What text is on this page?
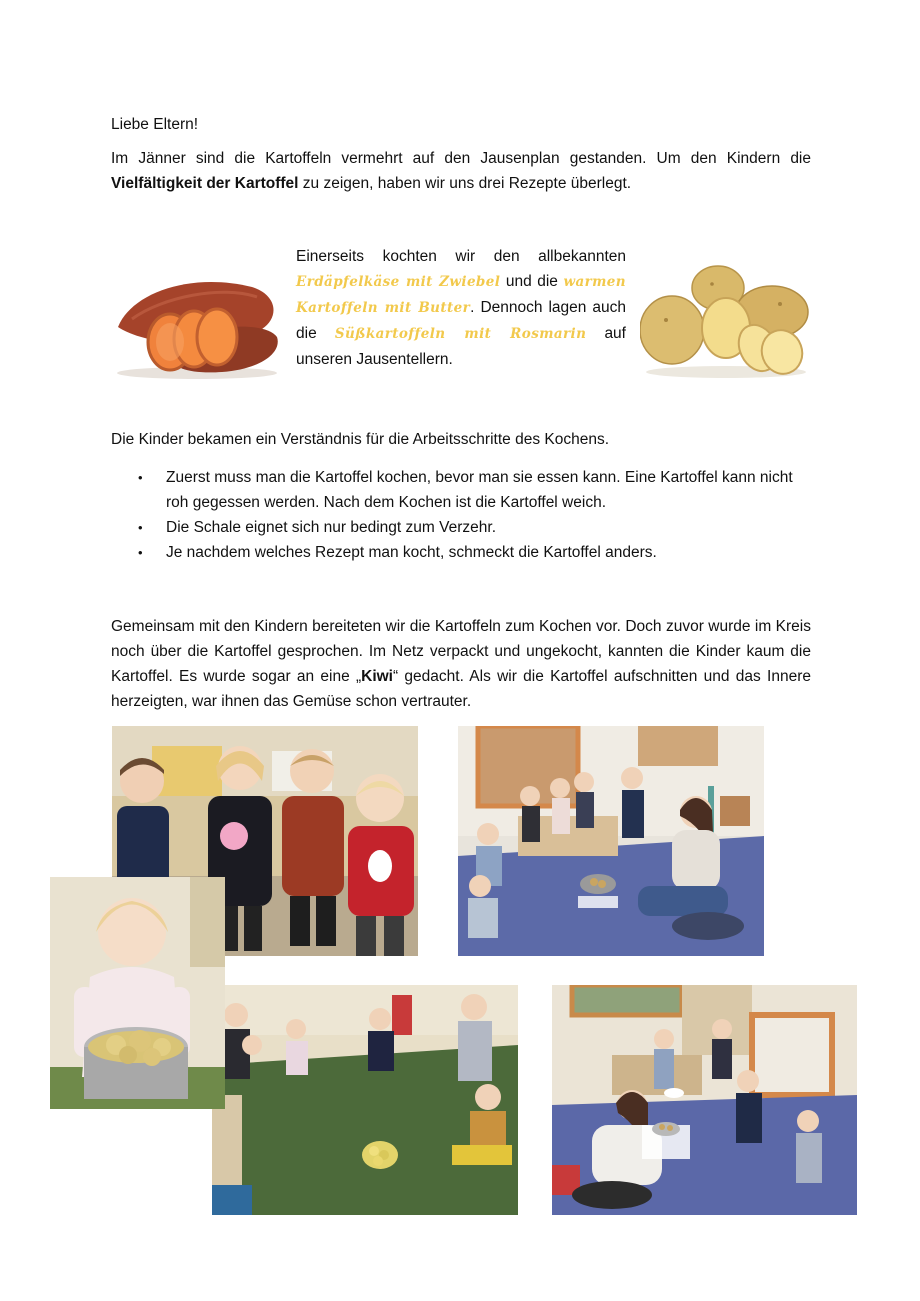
Liebe Eltern!
Im Jänner sind die Kartoffeln vermehrt auf den Jausenplan gestanden. Um den Kindern die Vielfältigkeit der Kartoffel zu zeigen, haben wir uns drei Rezepte überlegt.
Einerseits kochten wir den allbekannten Erdäpfelkäse mit Zwiebel und die warmen Kartoffeln mit Butter. Dennoch lagen auch die Süßkartoffeln mit Rosmarin auf unseren Jausentellern.
Die Kinder bekamen ein Verständnis für die Arbeitsschritte des Kochens.
• Zuerst muss man die Kartoffel kochen, bevor man sie essen kann. Eine Kartoffel kann nicht roh gegessen werden. Nach dem Kochen ist die Kartoffel weich.
• Die Schale eignet sich nur bedingt zum Verzehr.
• Je nachdem welches Rezept man kocht, schmeckt die Kartoffel anders.
Gemeinsam mit den Kindern bereiteten wir die Kartoffeln zum Kochen vor. Doch zuvor wurde im Kreis noch über die Kartoffel gesprochen. Im Netz verpackt und ungekocht, kannten die Kinder kaum die Kartoffel. Es wurde sogar an eine „Kiwi“ gedacht. Als wir die Kartoffel aufschnitten und das Innere herzeigten, war ihnen das Gemüse schon vertrauter.
